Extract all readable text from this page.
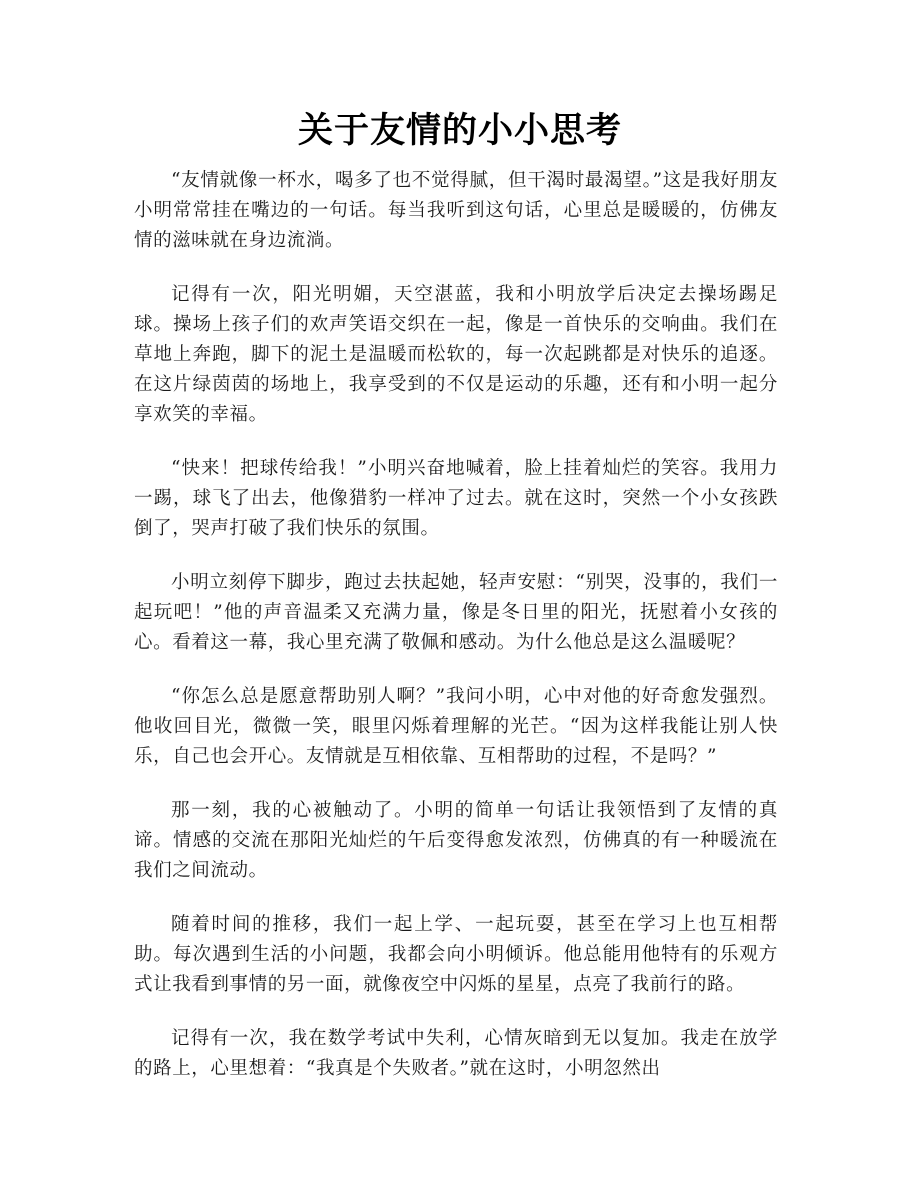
关于友情的小小思考

“友情就像一杯水，喝多了也不觉得腻，但干渴时最渴望。”这是我好朋友小明常常挂在嘴边的一句话。每当我听到这句话，心里总是暖暖的，仿佛友情的滋味就在身边流淌。

记得有一次，阳光明媚，天空湛蓝，我和小明放学后决定去操场踢足球。操场上孩子们的欢声笑语交织在一起，像是一首快乐的交响曲。我们在草地上奔跑，脚下的泥土是温暖而松软的，每一次起跳都是对快乐的追逐。在这片绿茵茵的场地上，我享受到的不仅是运动的乐趣，还有和小明一起分享欢笑的幸福。

“快来！把球传给我！”小明兴奋地喊着，脸上挂着灿烂的笑容。我用力一踢，球飞了出去，他像猎豹一样冲了过去。就在这时，突然一个小女孩跌倒了，哭声打破了我们快乐的氛围。

小明立刻停下脚步，跑过去扶起她，轻声安慰：“别哭，没事的，我们一起玩吧！”他的声音温柔又充满力量，像是冬日里的阳光，抚慰着小女孩的心。看着这一幕，我心里充满了敬佩和感动。为什么他总是这么温暖呢？

“你怎么总是愿意帮助别人啊？”我问小明，心中对他的好奇愈发强烈。他收回目光，微微一笑，眼里闪烁着理解的光芒。“因为这样我能让别人快乐，自己也会开心。友情就是互相依靠、互相帮助的过程，不是吗？”

那一刻，我的心被触动了。小明的简单一句话让我领悟到了友情的真谛。情感的交流在那阳光灿烂的午后变得愈发浓烈，仿佛真的有一种暖流在我们之间流动。

随着时间的推移，我们一起上学、一起玩耍，甚至在学习上也互相帮助。每次遇到生活的小问题，我都会向小明倾诉。他总能用他特有的乐观方式让我看到事情的另一面，就像夜空中闪烁的星星，点亮了我前行的路。

记得有一次，我在数学考试中失利，心情灰暗到无以复加。我走在放学的路上，心里想着：“我真是个失败者。”就在这时，小明忽然出
